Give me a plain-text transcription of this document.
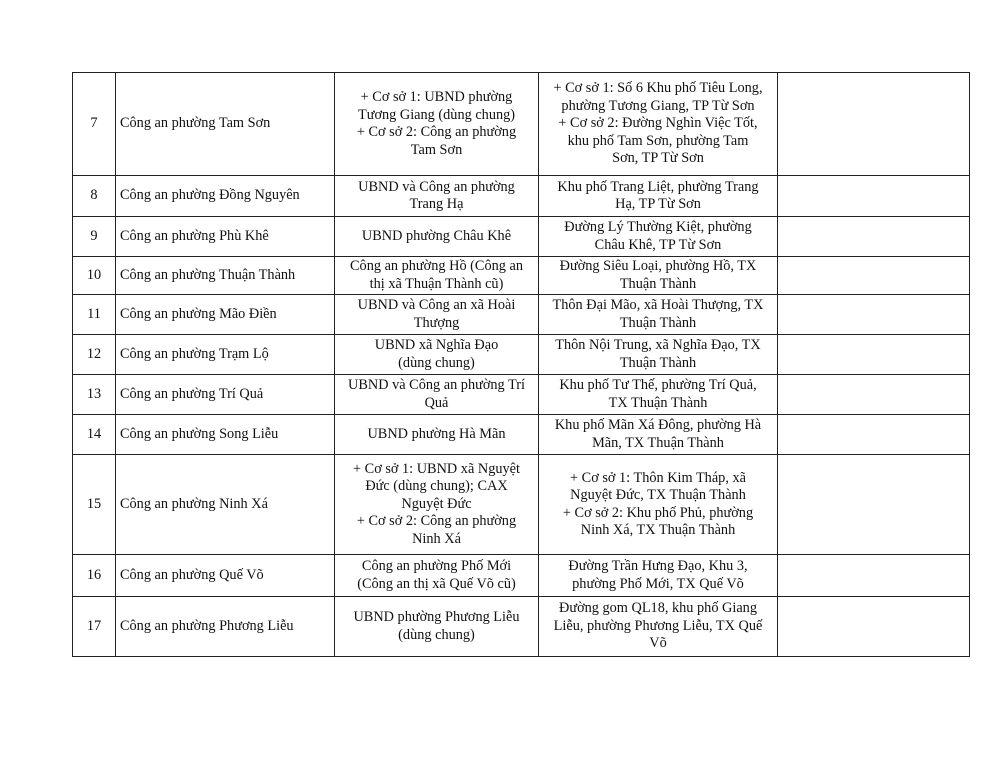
7	Công an phường Tam Sơn	+ Cơ sở 1: UBND phường
Tương Giang (dùng chung)
+ Cơ sở 2: Công an phường
Tam Sơn	+ Cơ sở 1: Số 6 Khu phố Tiêu Long,
phường Tương Giang, TP Từ Sơn
+ Cơ sở 2: Đường Nghìn Việc Tốt,
khu phố Tam Sơn, phường Tam
Sơn, TP Từ Sơn	

8	Công an phường Đồng Nguyên	UBND và Công an phường
Trang Hạ	Khu phố Trang Liệt, phường Trang
Hạ, TP Từ Sơn	

9	Công an phường Phù Khê	UBND phường Châu Khê	Đường Lý Thường Kiệt, phường
Châu Khê, TP Từ Sơn	

10	Công an phường Thuận Thành	Công an phường Hồ (Công an
thị xã Thuận Thành cũ)	Đường Siêu Loại, phường Hồ, TX
Thuận Thành	

11	Công an phường Mão Điền	UBND và Công an xã Hoài
Thượng	Thôn Đại Mão, xã Hoài Thượng, TX
Thuận Thành	

12	Công an phường Trạm Lộ	UBND xã Nghĩa Đạo
(dùng chung)	Thôn Nội Trung, xã Nghĩa Đạo, TX
Thuận Thành	

13	Công an phường Trí Quả	UBND và Công an phường Trí
Quả	Khu phố Tư Thế, phường Trí Quả,
TX Thuận Thành	

14	Công an phường Song Liễu	UBND phường Hà Mãn	Khu phố Mãn Xá Đông, phường Hà
Mãn, TX Thuận Thành	

15	Công an phường Ninh Xá	+ Cơ sở 1: UBND xã Nguyệt
Đức (dùng chung); CAX
Nguyệt Đức
+ Cơ sở 2: Công an phường
Ninh Xá	+ Cơ sở 1: Thôn Kim Tháp, xã
Nguyệt Đức, TX Thuận Thành
+ Cơ sở 2: Khu phố Phủ, phường
Ninh Xá, TX Thuận Thành	

16	Công an phường Quế Võ	Công an phường Phố Mới
(Công an thị xã Quế Võ cũ)	Đường Trần Hưng Đạo, Khu 3,
phường Phố Mới, TX Quế Võ	

17	Công an phường Phương Liễu	UBND phường Phương Liễu
(dùng chung)	Đường gom QL18, khu phố Giang
Liễu, phường Phương Liễu, TX Quế
Võ	
